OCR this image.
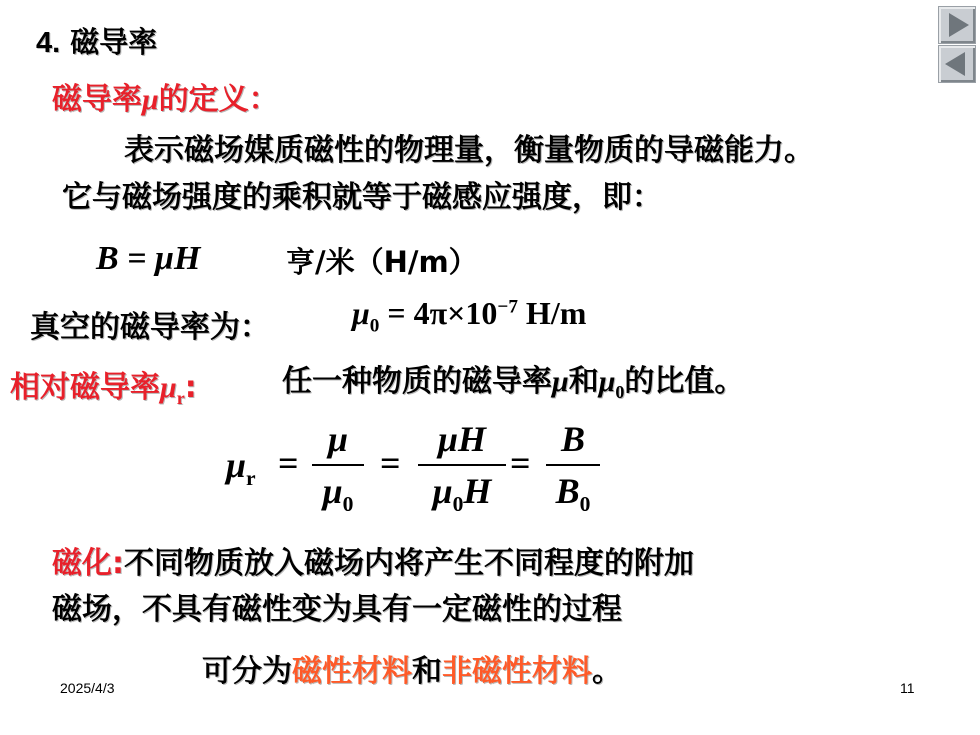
4. 磁导率
磁导率μ的定义：
表示磁场媒质磁性的物理量，衡量物质的导磁能力。
它与磁场强度的乘积就等于磁感应强度，即：
B = μH	亨/米（H/m）
真空的磁导率为：	$\mu_0 = 4\pi\times 10^{-7}$ H/m
相对磁导率$\mu_r$:	任一种物质的磁导率μ和$\mu_0$的比值。
$\mu_r$ =
μ
$\mu_0$
=
μH
$\mu_0H$
=
B
$B_0$
磁化:不同物质放入磁场内将产生不同程度的附加
磁场，不具有磁性变为具有一定磁性的过程
可分为磁性材料和非磁性材料。
2025/4/3	11
